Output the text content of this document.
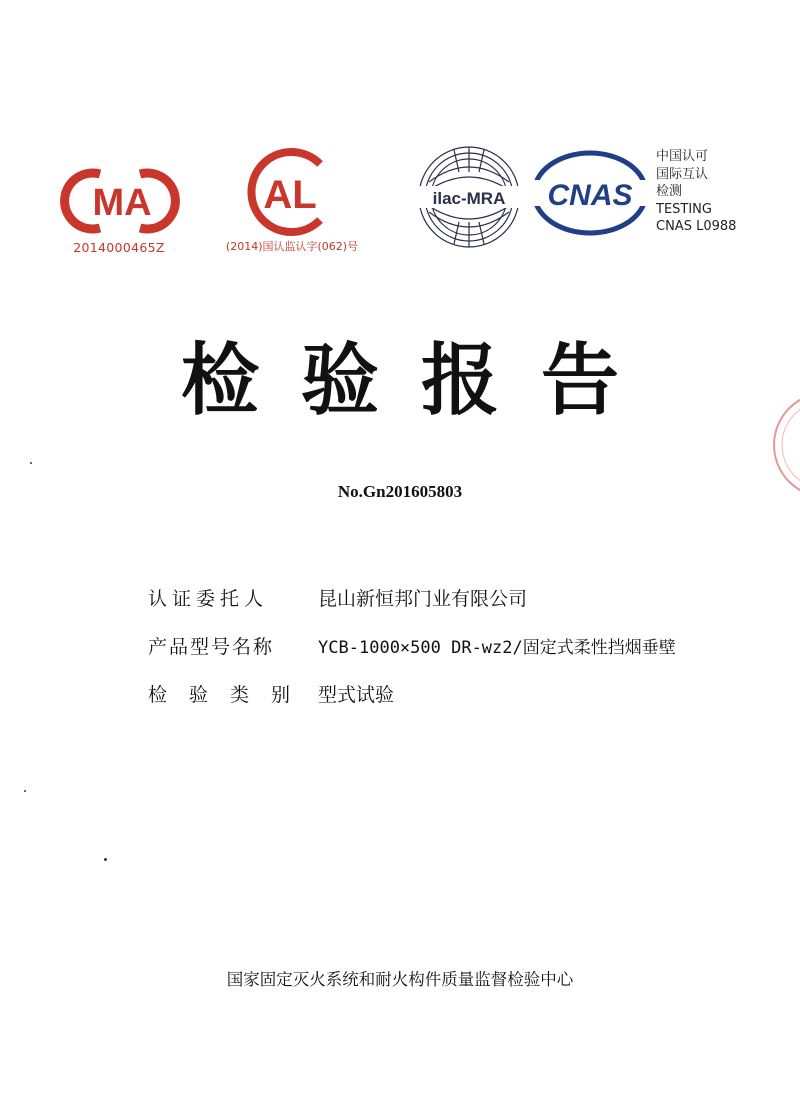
MA
2014000465Z
AL
(2014)国认监认字(062)号
ilac-MRA CNAS
中国认可
国际互认
检测
TESTING
CNAS L0988
检验报告
No.Gn201605803
认证委托人	昆山新恒邦门业有限公司
产品型号名称	YCB-1000×500 DR-wz2/固定式柔性挡烟垂壁
检验类别 型式试验
国家固定灭火系统和耐火构件质量监督检验中心
